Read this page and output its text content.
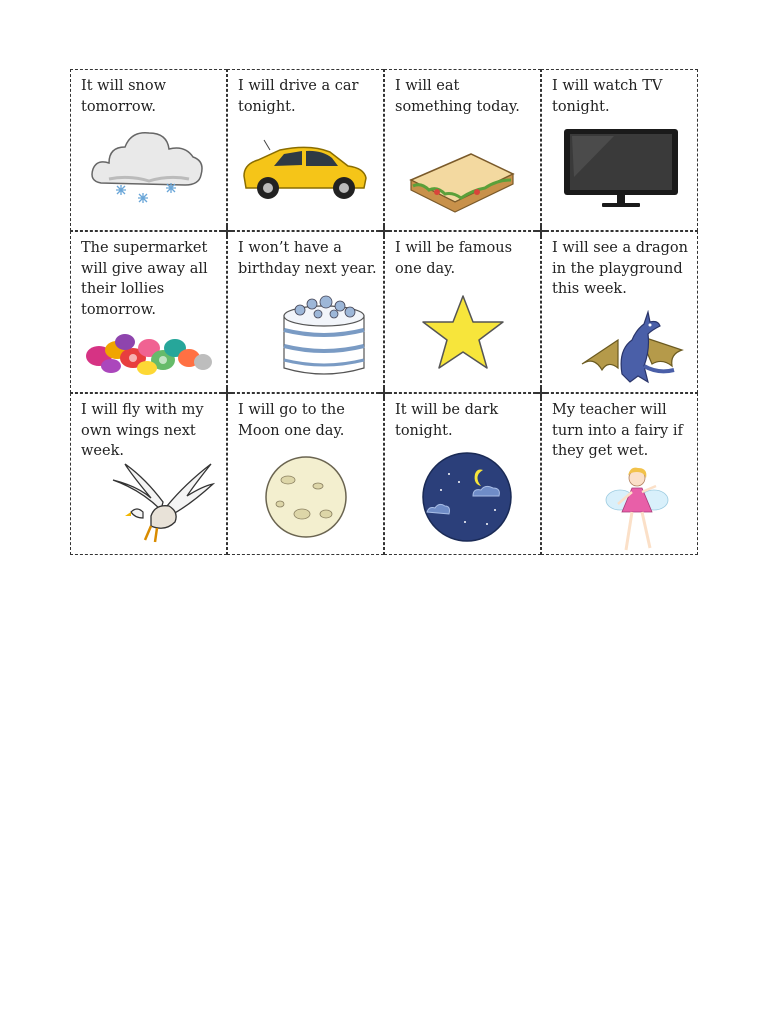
It will snow tomorrow.
I will drive a car tonight.
I will eat something today.
I will watch TV tonight.
The supermarket will give away all their lollies tomorrow.
I won’t have a birthday next year.
I will be famous one day.
I will see a dragon in the playground this week.
I will fly with my own wings next week.
I will go to the Moon one day.
It will be dark tonight.
My teacher will turn into a fairy if they get wet.
